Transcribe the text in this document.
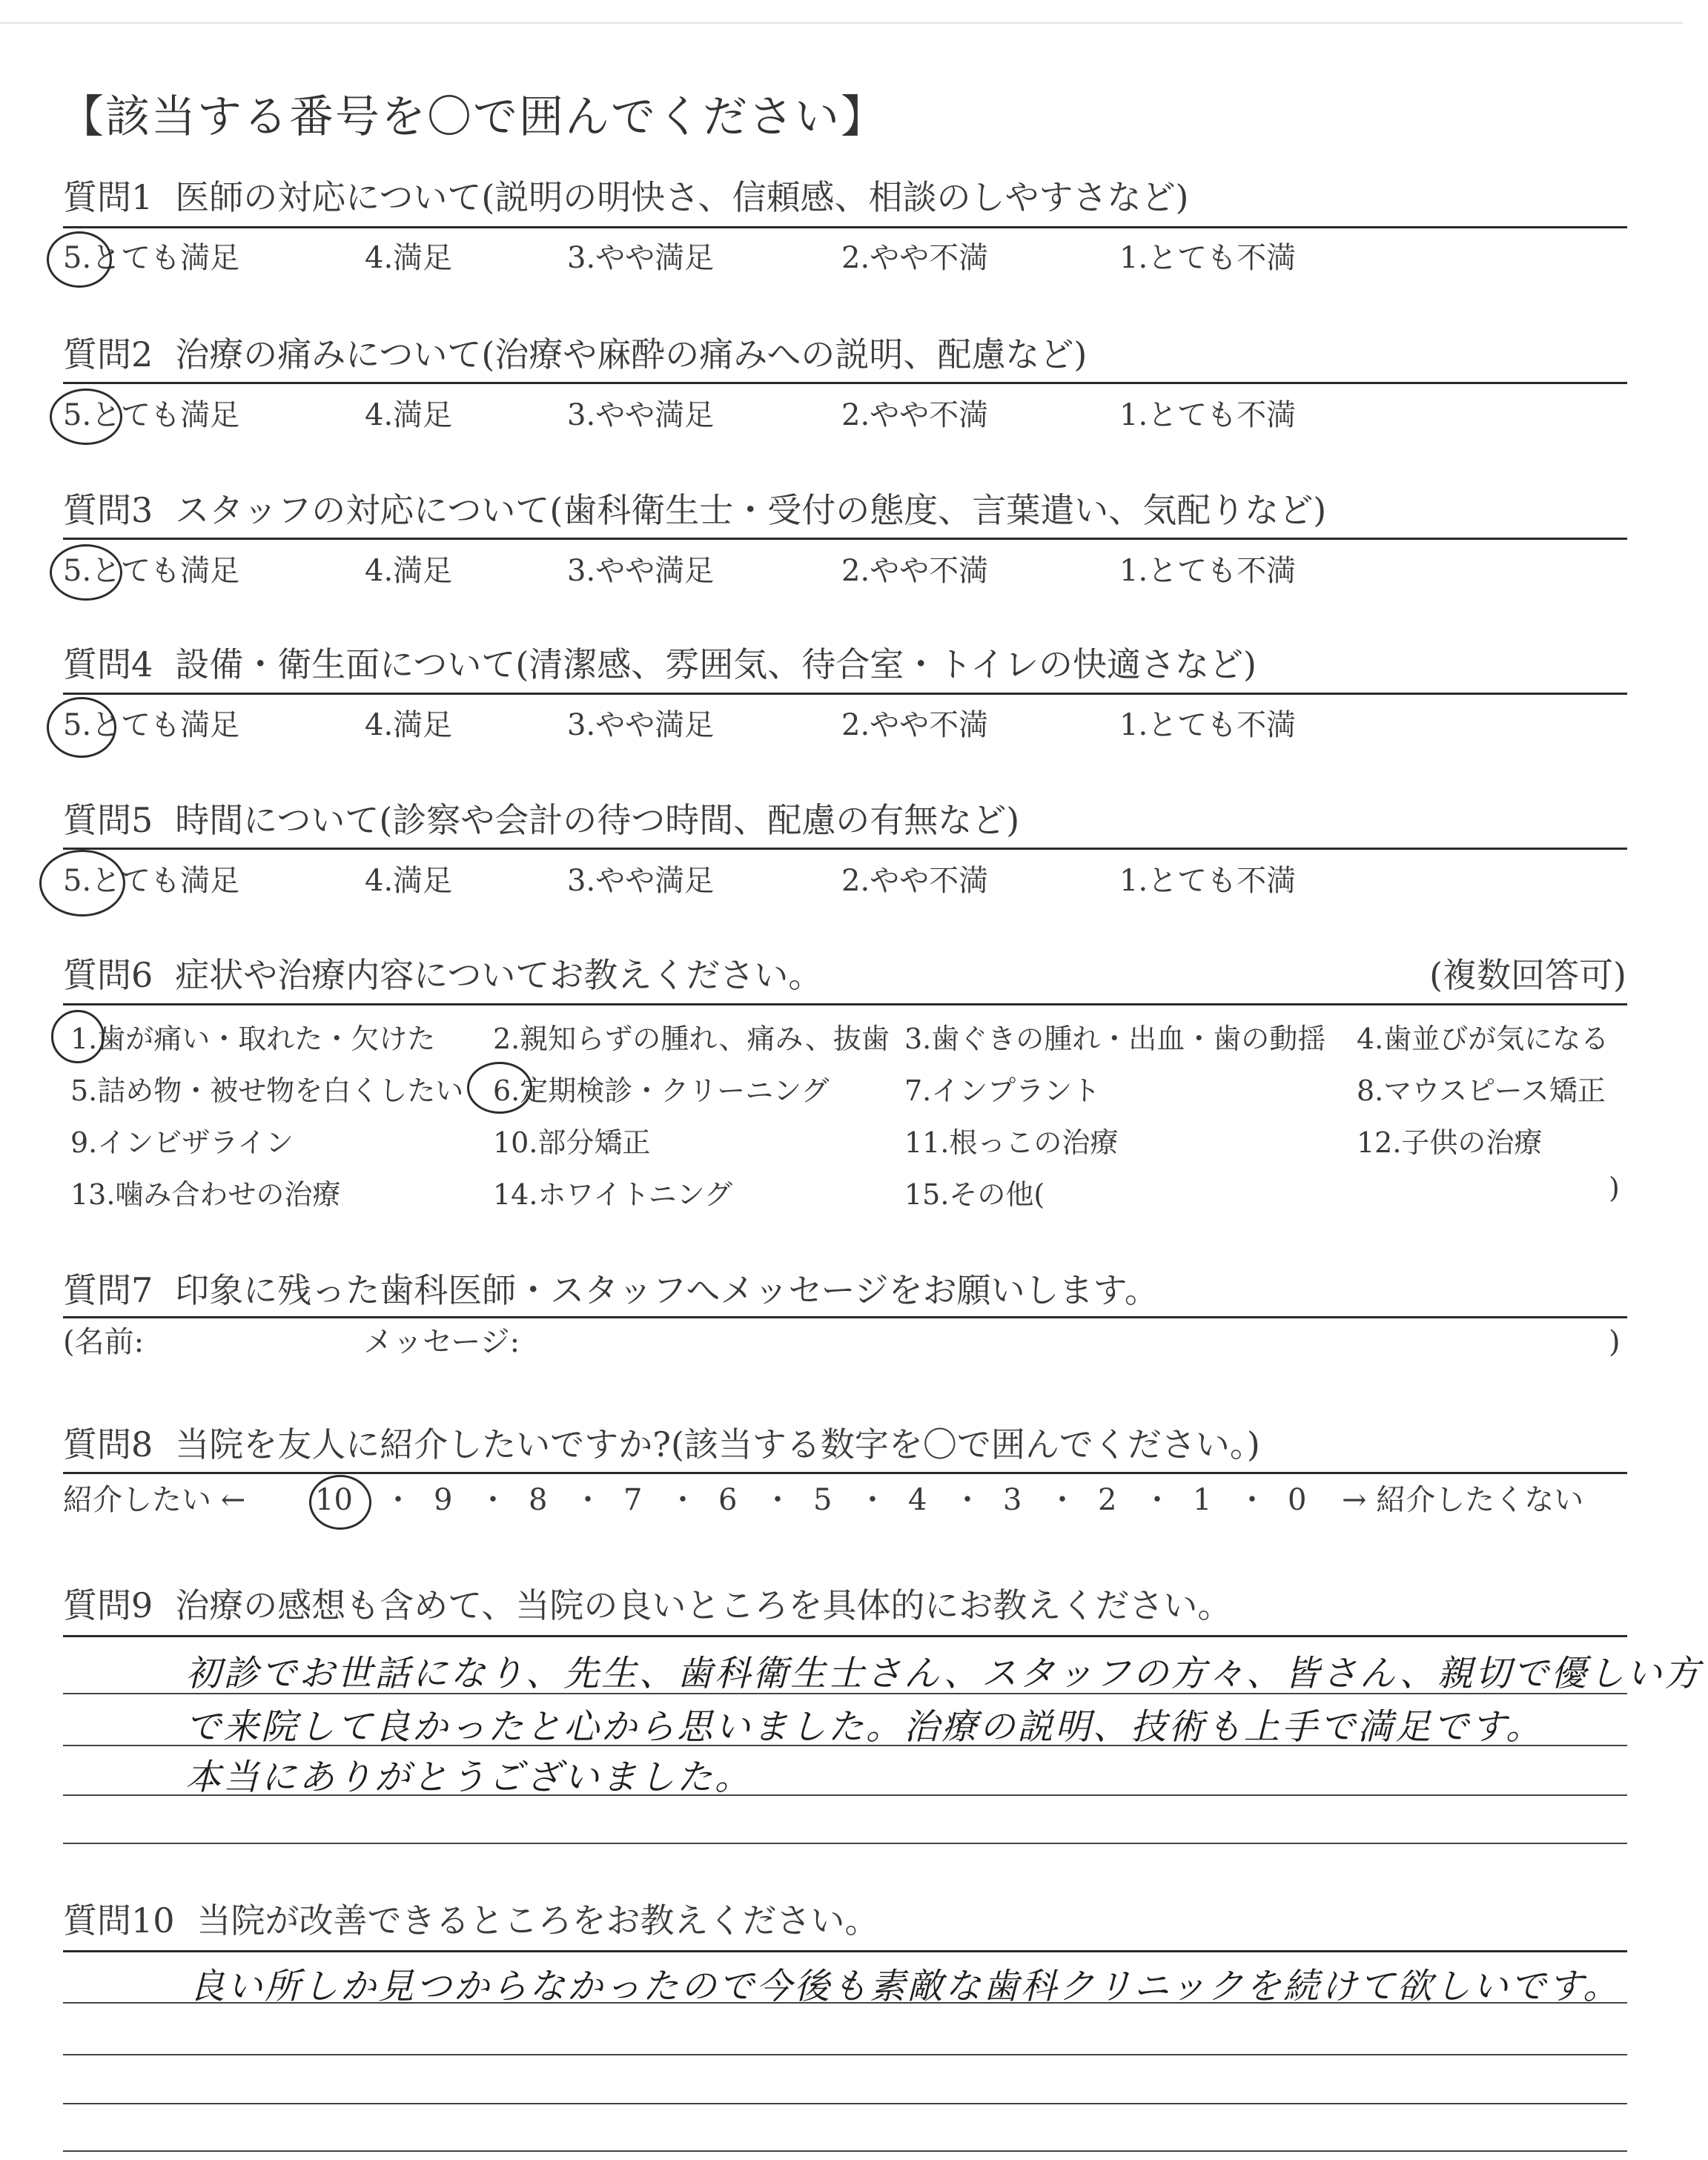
【該当する番号を〇で囲んでください】
質問1 医師の対応について(説明の明快さ、信頼感、相談のしやすさなど)
5.とても満足	4.満足	3.やや満足	2.やや不満	1.とても不満
質問2 治療の痛みについて(治療や麻酔の痛みへの説明、配慮など)
5.とても満足	4.満足	3.やや満足	2.やや不満	1.とても不満
質問3 スタッフの対応について(歯科衛生士・受付の態度、言葉遣い、気配りなど)
5.とても満足	4.満足	3.やや満足	2.やや不満	1.とても不満
質問4 設備・衛生面について(清潔感、雰囲気、待合室・トイレの快適さなど)
5.とても満足	4.満足	3.やや満足	2.やや不満	1.とても不満
質問5 時間について(診察や会計の待つ時間、配慮の有無など)
5.とても満足	4.満足	3.やや満足	2.やや不満	1.とても不満
質問6 症状や治療内容についてお教えください。	(複数回答可)
1.歯が痛い・取れた・欠けた 2.親知らずの腫れ、痛み、抜歯 3.歯ぐきの腫れ・出血・歯の動揺 4.歯並びが気になる
5.詰め物・被せ物を白くしたい 6.定期検診・クリーニング	7.インプラント	8.マウスピース矯正
9.インビザライン	10.部分矯正	11.根っこの治療	12.子供の治療
13.噛み合わせの治療	14.ホワイトニング	15.その他(	)
質問7 印象に残った歯科医師・スタッフへメッセージをお願いします。
(名前:	メッセージ:	)
質問8 当院を友人に紹介したいですか?(該当する数字を〇で囲んでください。)
紹介したい ← 10 ・ 9 ・ 8 ・ 7 ・ 6 ・ 5 ・ 4 ・ 3 ・ 2 ・ 1 ・ 0 → 紹介したくない
質問9 治療の感想も含めて、当院の良いところを具体的にお教えください。
初診でお世話になり、先生、歯科衛生士さん、スタッフの方々、皆さん、親切で優しい方
で来院して良かったと心から思いました。治療の説明、技術も上手で満足です。
本当にありがとうございました。
質問10 当院が改善できるところをお教えください。
良い所しか見つからなかったので今後も素敵な歯科クリニックを続けて欲しいです。
